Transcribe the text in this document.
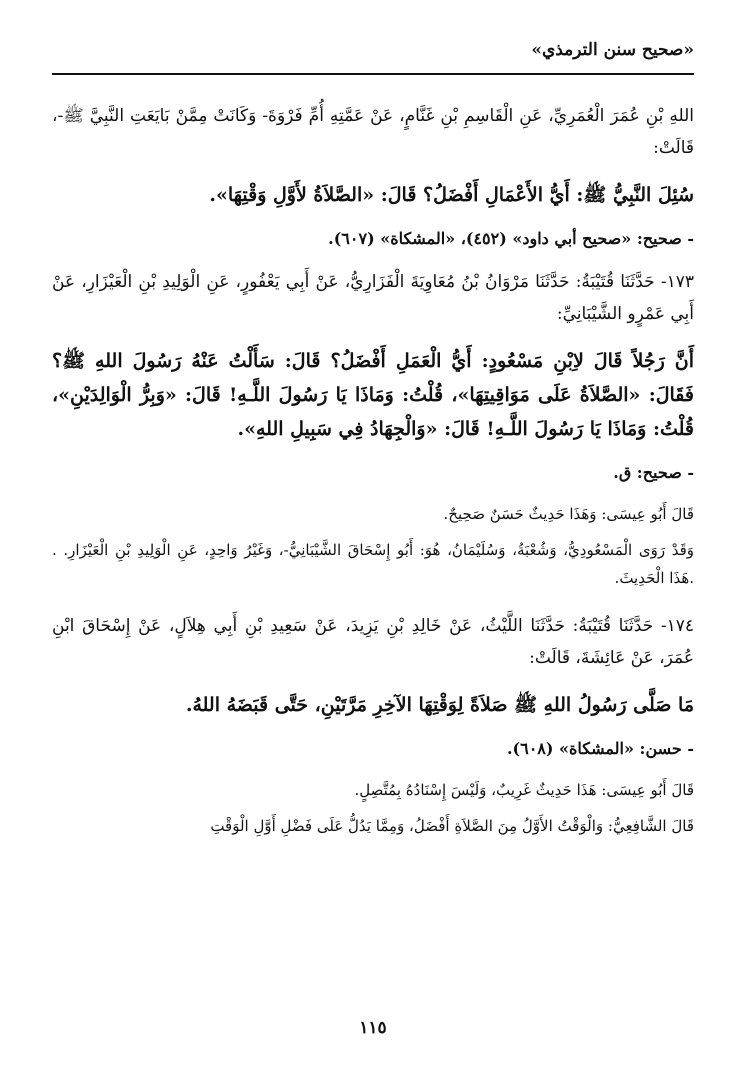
«صحيح سنن الترمذي»

اللهِ بْنِ عُمَرَ الْعُمَرِيِّ، عَنِ الْقَاسِمِ بْنِ غَنَّامٍ، عَنْ عَمَّتِهِ أُمِّ فَرْوَةَ- وَكَانَتْ مِمَّنْ بَايَعَتِ النَّبِيَّ ﷺ-، قَالَتْ:

سُئِلَ النَّبِيُّ ﷺ: أَيُّ الأَعْمَالِ أَفْضَلُ؟ قَالَ: «الصَّلاَةُ لأَوَّلِ وَقْتِهَا».

- صحيح: «صحيح أبي داود» (٤٥٢)، «المشكاة» (٦٠٧).

١٧٣- حَدَّثَنَا قُتَيْبَةُ: حَدَّثَنَا مَرْوَانُ بْنُ مُعَاوِيَةَ الْفَزَارِيُّ، عَنْ أَبِي يَعْفُورٍ، عَنِ الْوَلِيدِ بْنِ الْعَيْزَارِ، عَنْ أَبِي عَمْرٍو الشَّيْبَانِيِّ:

أَنَّ رَجُلاً قَالَ لاِبْنِ مَسْعُودٍ: أَيُّ الْعَمَلِ أَفْضَلُ؟ قَالَ: سَأَلْتُ عَنْهُ رَسُولَ اللهِ ﷺ؟ فَقَالَ: «الصَّلاَةُ عَلَى مَوَاقِيتِهَا»، قُلْتُ: وَمَاذَا يَا رَسُولَ اللَّـهِ! قَالَ: «وَبِرُّ الْوَالِدَيْنِ»، قُلْتُ: وَمَاذَا يَا رَسُولَ اللَّـهِ! قَالَ: «وَالْجِهَادُ فِي سَبِيلِ اللهِ».

- صحيح: ق.

قَالَ أَبُو عِيسَى: وَهَذَا حَدِيثٌ حَسَنٌ صَحِيحٌ.

وَقَدْ رَوَى الْمَسْعُودِيُّ، وَشُعْبَةُ، وَسُلَيْمَانُ، هُوَ: أَبُو إِسْحَاقَ الشَّيْبَانِيُّ-، وَغَيْرُ وَاحِدٍ، عَنِ الْوَلِيدِ بْنِ الْعَيْزَارِ. . .هَذَا الْحَدِيثَ.

١٧٤- حَدَّثَنَا قُتَيْبَةُ: حَدَّثَنَا اللَّيْثُ، عَنْ خَالِدِ بْنِ يَزِيدَ، عَنْ سَعِيدِ بْنِ أَبِي هِلاَلٍ، عَنْ إِسْحَاقَ ابْنِ عُمَرَ، عَنْ عَائِشَةَ، قَالَتْ:

مَا صَلَّى رَسُولُ اللهِ ﷺ صَلاَةً لِوَقْتِهَا الآخِرِ مَرَّتَيْنِ، حَتَّى قَبَضَهُ اللهُ.

- حسن: «المشكاة» (٦٠٨).

قَالَ أَبُو عِيسَى: هَذَا حَدِيثٌ غَرِيبٌ، وَلَيْسَ إِسْنَادُهُ بِمُتَّصِلٍ.

قَالَ الشَّافِعِيُّ: وَالْوَقْتُ الأَوَّلُ مِنَ الصَّلاَةِ أَفْضَلُ، وَمِمَّا يَدُلُّ عَلَى فَضْلِ أَوَّلِ الْوَقْتِ

١١٥
